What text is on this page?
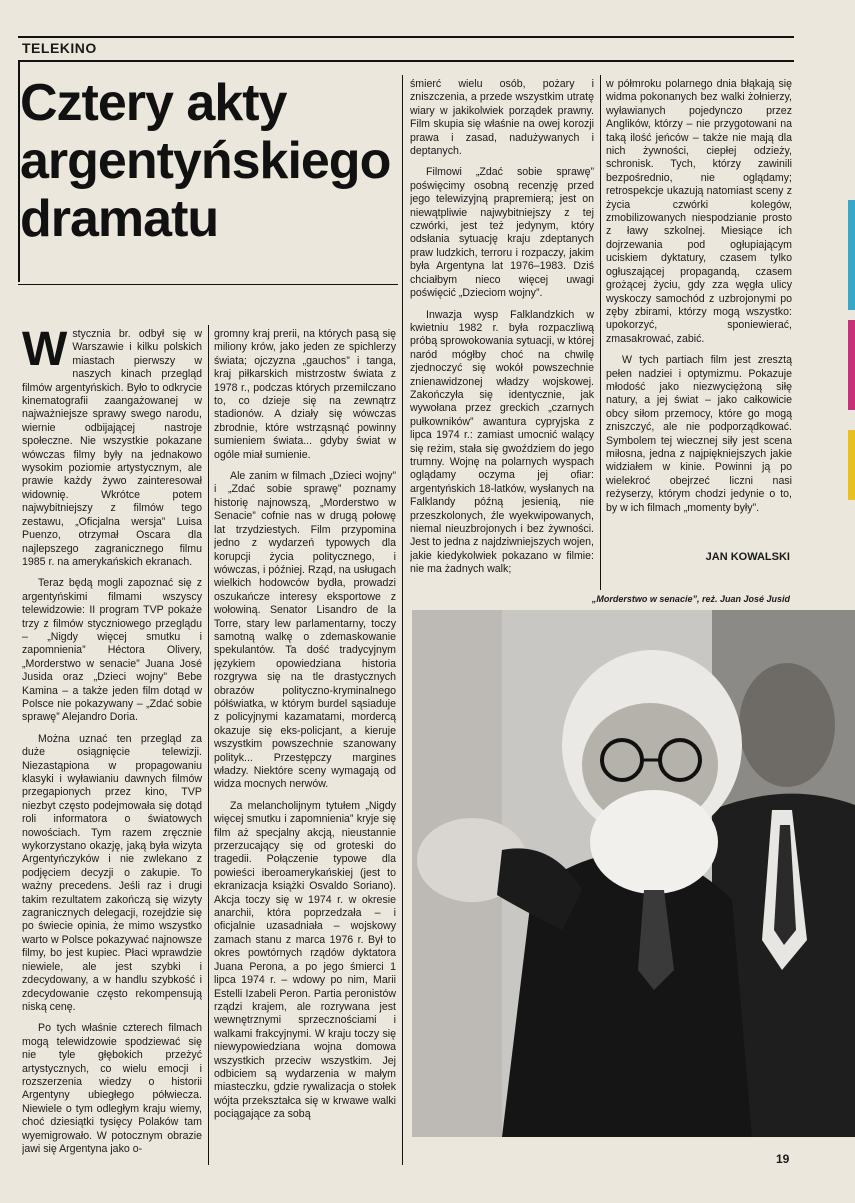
TELEKINO
Cztery akty argentyńskiego dramatu

Wstycznia br. odbył się w Warszawie i kilku polskich miastach pierwszy w naszych kinach przegląd filmów argentyńskich. Było to odkrycie kinematografii zaangażowanej w najważniejsze sprawy swego narodu, wiernie odbijającej nastroje społeczne. Nie wszystkie pokazane wówczas filmy były na jednakowo wysokim poziomie artystycznym, ale prawie każdy żywo zainteresował widownię. Wkrótce potem najwybitniejszy z filmów tego zestawu, „Oficjalna wersja” Luisa Puenzo, otrzymał Oscara dla najlepszego zagranicznego filmu 1985 r. na amerykańskich ekranach.

Teraz będą mogli zapoznać się z argentyńskimi filmami wszyscy telewidzowie: II program TVP pokaże trzy z filmów styczniowego przeglądu – „Nigdy więcej smutku i zapomnienia” Héctora Olivery, „Morderstwo w senacie” Juana José Jusida oraz „Dzieci wojny” Bebe Kamina – a także jeden film dotąd w Polsce nie pokazywany – „Zdać sobie sprawę” Alejandro Doria.

Można uznać ten przegląd za duże osiągnięcie telewizji. Niezastąpiona w propagowaniu klasyki i wyławianiu dawnych filmów przegapionych przez kino, TVP niezbyt często podejmowała się dotąd roli informatora o światowych nowościach. Tym razem zręcznie wykorzystano okazję, jaką była wizyta Argentyńczyków i nie zwlekano z podjęciem decyzji o zakupie. To ważny precedens. Jeśli raz i drugi takim rezultatem zakończą się wizyty zagranicznych delegacji, rozejdzie się po świecie opinia, że mimo wszystko warto w Polsce pokazywać najnowsze filmy, bo jest kupiec. Płaci wprawdzie niewiele, ale jest szybki i zdecydowany, a w handlu szybkość i zdecydowanie często rekompensują niską cenę.

Po tych właśnie czterech filmach mogą telewidzowie spodziewać się nie tyle głębokich przeżyć artystycznych, co wielu emocji i rozszerzenia wiedzy o historii Argentyny ubiegłego półwiecza. Niewiele o tym odległym kraju wiemy, choć dziesiątki tysięcy Polaków tam wyemigrowało. W potocznym obrazie jawi się Argentyna jako o-

gromny kraj prerii, na których pasą się miliony krów, jako jeden ze spichlerzy świata; ojczyzna „gauchos” i tanga, kraj piłkarskich mistrzostw świata z 1978 r., podczas których przemilczano to, co dzieje się na zewnątrz stadionów. A działy się wówczas zbrodnie, które wstrząsnąć powinny sumieniem świata... gdyby świat w ogóle miał sumienie.

Ale zanim w filmach „Dzieci wojny” i „Zdać sobie sprawę” poznamy historię najnowszą, „Morderstwo w Senacie” cofnie nas w drugą połowę lat trzydziestych. Film przypomina jedno z wydarzeń typowych dla korupcji życia politycznego, i wówczas, i później. Rząd, na usługach wielkich hodowców bydła, prowadzi oszukańcze interesy eksportowe z wołowiną. Senator Lisandro de la Torre, stary lew parlamentarny, toczy samotną walkę o zdemaskowanie spekulantów. Ta dość tradycyjnym językiem opowiedziana historia rozgrywa się na tle drastycznych obrazów polityczno-kryminalnego półświatka, w którym burdel sąsiaduje z policyjnymi kazamatami, mordercą okazuje się eks-policjant, a kieruje wszystkim powszechnie szanowany polityk... Przestępczy margines władzy. Niektóre sceny wymagają od widza mocnych nerwów.

Za melancholijnym tytułem „Nigdy więcej smutku i zapomnienia” kryje się film aż specjalny akcją, nieustannie przerzucający się od groteski do tragedii. Połączenie typowe dla powieści iberoamerykańskiej (jest to ekranizacja książki Osvaldo Soriano). Akcja toczy się w 1974 r. w okresie anarchii, która poprzedzała – i oficjalnie uzasadniała – wojskowy zamach stanu z marca 1976 r. Był to okres powtórnych rządów dyktatora Juana Perona, a po jego śmierci 1 lipca 1974 r. – wdowy po nim, Marii Estelli Izabeli Peron. Partia peronistów rządzi krajem, ale rozrywana jest wewnętrznymi sprzecznościami i walkami frakcyjnymi. W kraju toczy się niewypowiedziana wojna domowa wszystkich przeciw wszystkim. Jej odbiciem są wydarzenia w małym miasteczku, gdzie rywalizacja o stołek wójta przekształca się w krwawe walki pociągające za sobą

śmierć wielu osób, pożary i zniszczenia, a przede wszystkim utratę wiary w jakikolwiek porządek prawny. Film skupia się właśnie na owej korozji prawa i zasad, nadużywanych i deptanych.

Filmowi „Zdać sobie sprawę” poświęcimy osobną recenzję przed jego telewizyjną prapremierą; jest on niewątpliwie najwybitniejszy z tej czwórki, jest też jedynym, który odsłania sytuację kraju zdeptanych praw ludzkich, terroru i rozpaczy, jakim była Argentyna lat 1976–1983. Dziś chciałbym nieco więcej uwagi poświęcić „Dzieciom wojny”.

Inwazja wysp Falklandzkich w kwietniu 1982 r. była rozpaczliwą próbą sprowokowania sytuacji, w której naród mógłby choć na chwilę zjednoczyć się wokół powszechnie znienawidzonej władzy wojskowej. Zakończyła się identycznie, jak wywołana przez greckich „czarnych pułkowników” awantura cypryjska z lipca 1974 r.: zamiast umocnić walący się reżim, stała się gwoździem do jego trumny. Wojnę na polarnych wyspach oglądamy oczyma jej ofiar: argentyńskich 18-latków, wysłanych na Falklandy późną jesienią, nie przeszkolonych, źle wyekwipowanych, niemal nieuzbrojonych i bez żywności. Jest to jedna z najdziwniejszych wojen, jakie kiedykolwiek pokazano w filmie: nie ma żadnych walk;

w półmroku polarnego dnia błąkają się widma pokonanych bez walki żołnierzy, wyławianych pojedynczo przez Anglików, którzy – nie przygotowani na taką ilość jeńców – także nie mają dla nich żywności, ciepłej odzieży, schronisk. Tych, którzy zawinili bezpośrednio, nie oglądamy; retrospekcje ukazują natomiast sceny z życia czwórki kolegów, zmobilizowanych niespodzianie prosto z ławy szkolnej. Miesiące ich dojrzewania pod ogłupiającym uciskiem dyktatury, czasem tylko ogłuszającej propagandą, czasem grożącej życiu, gdy zza węgła ulicy wyskoczy samochód z uzbrojonymi po zęby zbirami, którzy mogą wszystko: upokorzyć, sponiewierać, zmasakrować, zabić.

W tych partiach film jest zresztą pełen nadziei i optymizmu. Pokazuje młodość jako niezwyciężoną siłę natury, a jej świat – jako całkowicie obcy siłom przemocy, które go mogą zniszczyć, ale nie podporządkować. Symbolem tej wiecznej siły jest scena miłosna, jedna z najpiękniejszych jakie widziałem w kinie. Powinni ją po wielekroć obejrzeć liczni nasi reżyserzy, którym chodzi jedynie o to, by w ich filmach „momenty były”.

JAN KOWALSKI
„Morderstwo w senacie”, reż. Juan José Jusid
19
